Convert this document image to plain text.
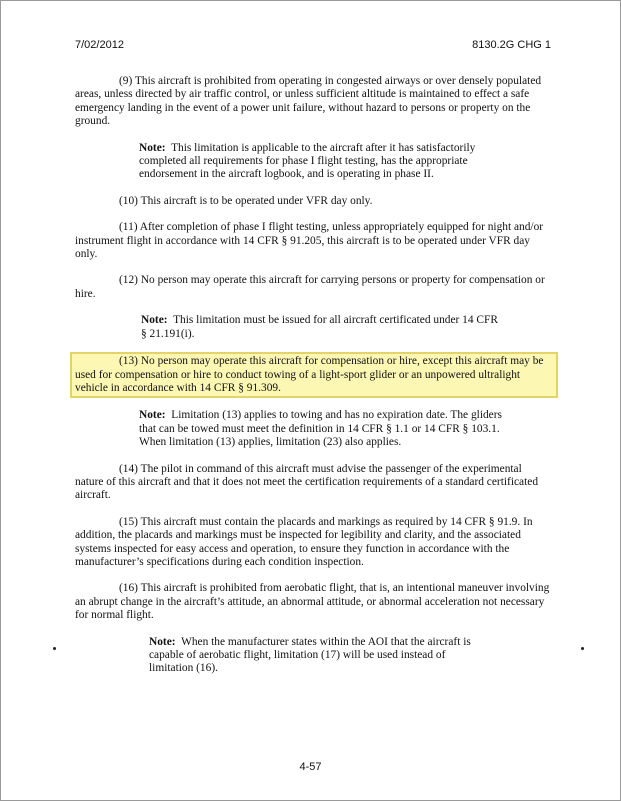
7/02/2012	8130.2G CHG 1

(9) This aircraft is prohibited from operating in congested airways or over densely populated areas, unless directed by air traffic control, or unless sufficient altitude is maintained to effect a safe emergency landing in the event of a power unit failure, without hazard to persons or property on the ground.

Note: This limitation is applicable to the aircraft after it has satisfactorily completed all requirements for phase I flight testing, has the appropriate endorsement in the aircraft logbook, and is operating in phase II.

(10) This aircraft is to be operated under VFR day only.

(11) After completion of phase I flight testing, unless appropriately equipped for night and/or instrument flight in accordance with 14 CFR § 91.205, this aircraft is to be operated under VFR day only.

(12) No person may operate this aircraft for carrying persons or property for compensation or hire.

Note: This limitation must be issued for all aircraft certificated under 14 CFR § 21.191(i).

(13) No person may operate this aircraft for compensation or hire, except this aircraft may be used for compensation or hire to conduct towing of a light-sport glider or an unpowered ultralight vehicle in accordance with 14 CFR § 91.309.

Note: Limitation (13) applies to towing and has no expiration date. The gliders that can be towed must meet the definition in 14 CFR § 1.1 or 14 CFR § 103.1. When limitation (13) applies, limitation (23) also applies.

(14) The pilot in command of this aircraft must advise the passenger of the experimental nature of this aircraft and that it does not meet the certification requirements of a standard certificated aircraft.

(15) This aircraft must contain the placards and markings as required by 14 CFR § 91.9. In addition, the placards and markings must be inspected for legibility and clarity, and the associated systems inspected for easy access and operation, to ensure they function in accordance with the manufacturer’s specifications during each condition inspection.

(16) This aircraft is prohibited from aerobatic flight, that is, an intentional maneuver involving an abrupt change in the aircraft’s attitude, an abnormal attitude, or abnormal acceleration not necessary for normal flight.

Note: When the manufacturer states within the AOI that the aircraft is capable of aerobatic flight, limitation (17) will be used instead of limitation (16).
4-57
